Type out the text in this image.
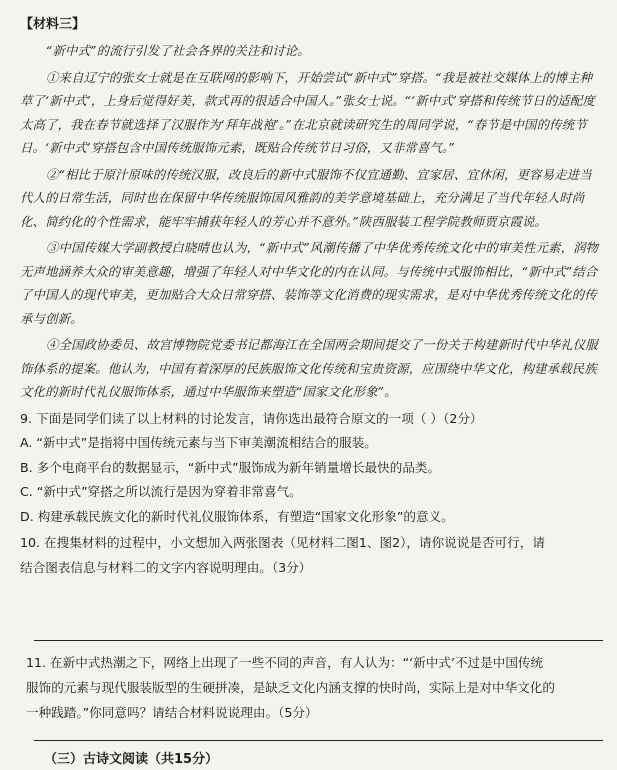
【材料三】

“新中式”的流行引发了社会各界的关注和讨论。

①来自辽宁的张女士就是在互联网的影响下，开始尝试“新中式”穿搭。“我是被社交媒体上的博主种草了‘新中式’，上身后觉得好美，款式再的很适合中国人。”张女士说。“‘新中式’穿搭和传统节日的适配度太高了，我在春节就选择了汉服作为‘拜年战袍’。”在北京就读研究生的周同学说，“春节是中国的传统节日。‘新中式’穿搭包含中国传统服饰元素，既贴合传统节日习俗，又非常喜气。”

②“相比于原汁原味的传统汉服，改良后的新中式服饰不仅宜通勤、宜家居、宜休闲，更容易走进当代人的日常生活，同时也在保留中华传统服饰国风雅韵的美学意境基础上，充分满足了当代年轻人时尚化、简约化的个性需求，能牢牢捕获年轻人的芳心并不意外。”陕西服装工程学院教师贾京霞说。

③中国传媒大学副教授白晓晴也认为，“新中式”风潮传播了中华优秀传统文化中的审美性元素，润物无声地涵养大众的审美意趣，增强了年轻人对中华文化的内在认同。与传统中式服饰相比，“新中式”结合了中国人的现代审美，更加贴合大众日常穿搭、装饰等文化消费的现实需求，是对中华优秀传统文化的传承与创新。

④全国政协委员、故宫博物院党委书记都海江在全国两会期间提交了一份关于构建新时代中华礼仪服饰体系的提案。他认为，中国有着深厚的民族服饰文化传统和宝贵资源，应围绕中华文化，构建承载民族文化的新时代礼仪服饰体系，通过中华服饰来塑造“国家文化形象”。

9. 下面是同学们读了以上材料的讨论发言，请你选出最符合原文的一项（ ）（2分）

A. “新中式”是指将中国传统元素与当下审美潮流相结合的服装。

B. 多个电商平台的数据显示，“新中式”服饰成为新年销量增长最快的品类。

C. “新中式”穿搭之所以流行是因为穿着非常喜气。

D. 构建承载民族文化的新时代礼仪服饰体系，有塑造“国家文化形象”的意义。

10. 在搜集材料的过程中，小文想加入两张图表（见材料二图1、图2），请你说说是否可行，请

结合图表信息与材料二的文字内容说明理由。（3分）

11. 在新中式热潮之下，网络上出现了一些不同的声音，有人认为：“‘新中式’不过是中国传统

服饰的元素与现代服装版型的生硬拼凑，是缺乏文化内涵支撑的快时尚，实际上是对中华文化的

一种践踏。”你同意吗？请结合材料说说理由。（5分）

（三）古诗文阅读（共15分）
